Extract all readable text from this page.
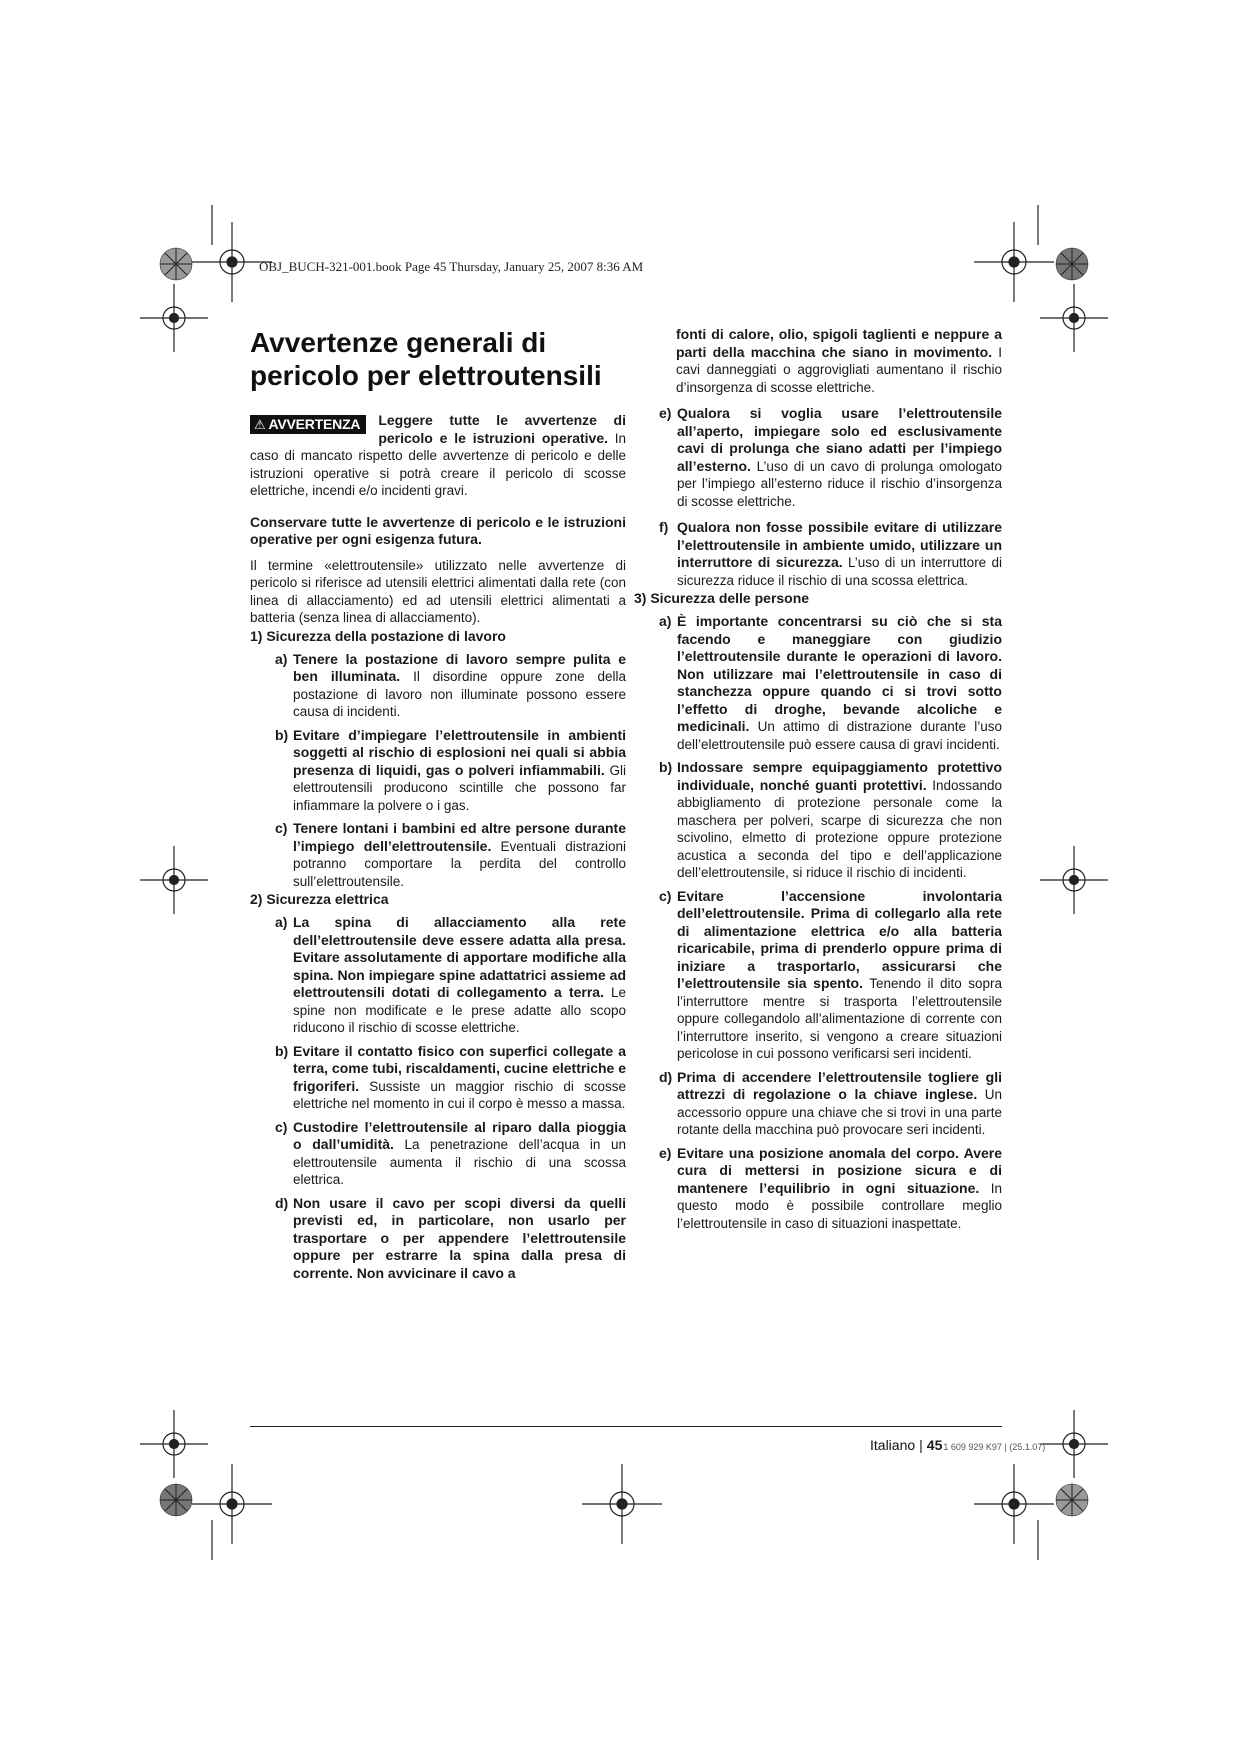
OBJ_BUCH-321-001.book Page 45 Thursday, January 25, 2007 8:36 AM
Avvertenze generali di pericolo per elettroutensili
⚠ AVVERTENZA	Leggere tutte le avvertenze di pericolo e le istruzioni operative. In caso di mancato rispetto delle avvertenze di pericolo e delle istruzioni operative si potrà creare il pericolo di scosse elettriche, incendi e/o incidenti gravi.

Conservare tutte le avvertenze di pericolo e le istruzioni operative per ogni esigenza futura.

Il termine «elettroutensile» utilizzato nelle avvertenze di pericolo si riferisce ad utensili elettrici alimentati dalla rete (con linea di allacciamento) ed ad utensili elettrici alimentati a batteria (senza linea di allacciamento).

1) Sicurezza della postazione di lavoro
a) Tenere la postazione di lavoro sempre pulita e ben illuminata. Il disordine oppure zone della postazione di lavoro non illuminate possono essere causa di incidenti.

b) Evitare d’impiegare l’elettroutensile in ambienti soggetti al rischio di esplosioni nei quali si abbia presenza di liquidi, gas o polveri infiammabili. Gli elettroutensili producono scintille che possono far infiammare la polvere o i gas.

c) Tenere lontani i bambini ed altre persone durante l’impiego dell’elettroutensile. Eventuali distrazioni potranno comportare la perdita del controllo sull’elettroutensile.

2) Sicurezza elettrica
a) La spina di allacciamento alla rete dell’elettroutensile deve essere adatta alla presa. Evitare assolutamente di apportare modifiche alla spina. Non impiegare spine adattatrici assieme ad elettroutensili dotati di collegamento a terra. Le spine non modificate e le prese adatte allo scopo riducono il rischio di scosse elettriche.

b) Evitare il contatto fisico con superfici collegate a terra, come tubi, riscaldamenti, cucine elettriche e frigoriferi. Sussiste un maggior rischio di scosse elettriche nel momento in cui il corpo è messo a massa.

c) Custodire l’elettroutensile al riparo dalla pioggia o dall’umidità. La penetrazione dell’acqua in un elettroutensile aumenta il rischio di una scossa elettrica.

d) Non usare il cavo per scopi diversi da quelli previsti ed, in particolare, non usarlo per trasportare o per appendere l’elettroutensile oppure per estrarre la spina dalla presa di corrente. Non avvicinare il cavo a

fonti di calore, olio, spigoli taglienti e neppure a parti della macchina che siano in movimento. I cavi danneggiati o aggrovigliati aumentano il rischio d’insorgenza di scosse elettriche.

e) Qualora si voglia usare l’elettroutensile all’aperto, impiegare solo ed esclusivamente cavi di prolunga che siano adatti per l’impiego all’esterno. L’uso di un cavo di prolunga omologato per l’impiego all’esterno riduce il rischio d’insorgenza di scosse elettriche.

f) Qualora non fosse possibile evitare di utilizzare l’elettroutensile in ambiente umido, utilizzare un interruttore di sicurezza. L’uso di un interruttore di sicurezza riduce il rischio di una scossa elettrica.

3) Sicurezza delle persone
a) È importante concentrarsi su ciò che si sta facendo e maneggiare con giudizio l’elettroutensile durante le operazioni di lavoro. Non utilizzare mai l’elettroutensile in caso di stanchezza oppure quando ci si trovi sotto l’effetto di droghe, bevande alcoliche e medicinali. Un attimo di distrazione durante l’uso dell’elettroutensile può essere causa di gravi incidenti.

b) Indossare sempre equipaggiamento protettivo individuale, nonché guanti protettivi. Indossando abbigliamento di protezione personale come la maschera per polveri, scarpe di sicurezza che non scivolino, elmetto di protezione oppure protezione acustica a seconda del tipo e dell’applicazione dell’elettroutensile, si riduce il rischio di incidenti.

c) Evitare l’accensione involontaria dell’elettroutensile. Prima di collegarlo alla rete di alimentazione elettrica e/o alla batteria ricaricabile, prima di prenderlo oppure prima di iniziare a trasportarlo, assicurarsi che l’elettroutensile sia spento. Tenendo il dito sopra l’interruttore mentre si trasporta l’elettroutensile oppure collegandolo all’alimentazione di corrente con l’interruttore inserito, si vengono a creare situazioni pericolose in cui possono verificarsi seri incidenti.

d) Prima di accendere l’elettroutensile togliere gli attrezzi di regolazione o la chiave inglese. Un accessorio oppure una chiave che si trovi in una parte rotante della macchina può provocare seri incidenti.

e) Evitare una posizione anomala del corpo. Avere cura di mettersi in posizione sicura e di mantenere l’equilibrio in ogni situazione. In questo modo è possibile controllare meglio l’elettroutensile in caso di situazioni inaspettate.

Italiano | 451 609 929 K97 | (25.1.07)
